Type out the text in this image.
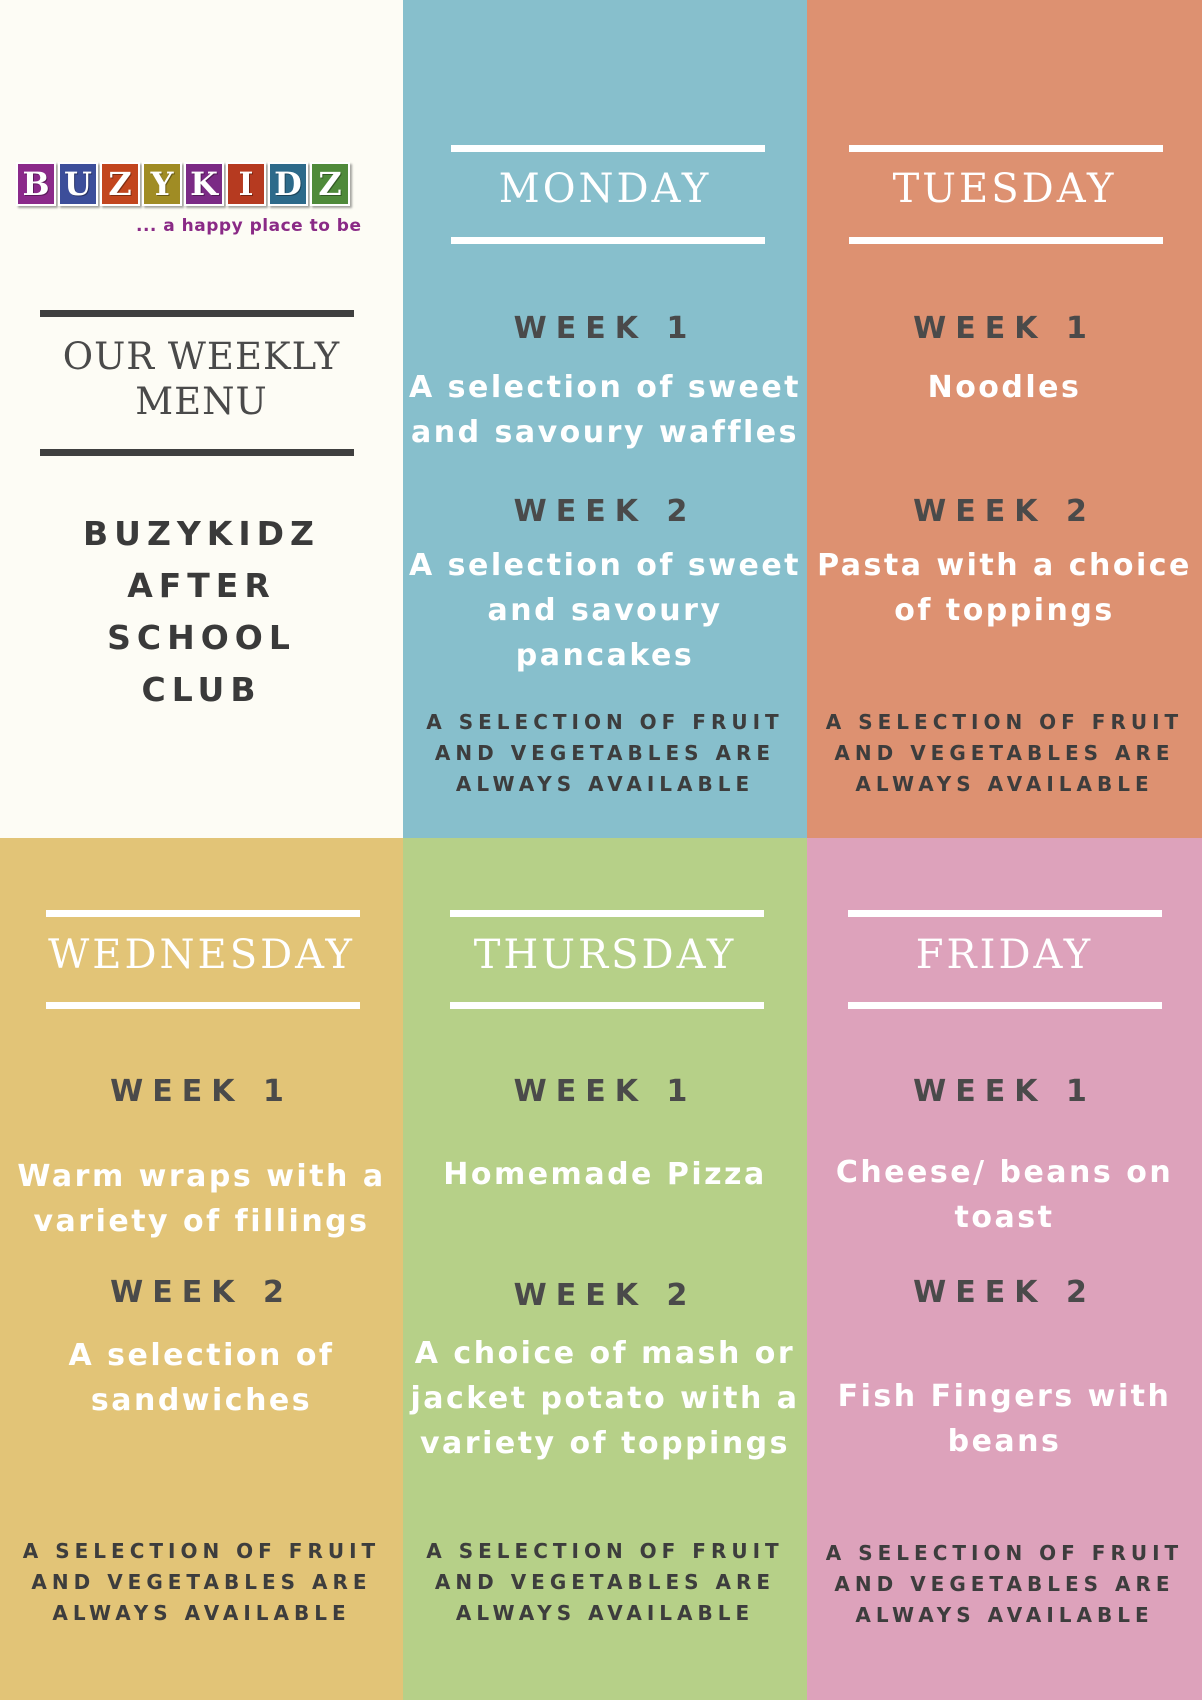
B U Z Y K I D Z
... a happy place to be
OUR WEEKLY
MENU
BUZYKIDZ
AFTER
SCHOOL
CLUB
MONDAY
WEEK 1
A selection of sweet
and savoury waffles
WEEK 2
A selection of sweet
and savoury
pancakes
A SELECTION OF FRUIT
AND VEGETABLES ARE
ALWAYS AVAILABLE
TUESDAY
WEEK 1
Noodles
WEEK 2
Pasta with a choice
of toppings
A SELECTION OF FRUIT
AND VEGETABLES ARE
ALWAYS AVAILABLE
WEDNESDAY
WEEK 1
Warm wraps with a
variety of fillings
WEEK 2
A selection of
sandwiches
A SELECTION OF FRUIT
AND VEGETABLES ARE
ALWAYS AVAILABLE
THURSDAY
WEEK 1
Homemade Pizza
WEEK 2
A choice of mash or
jacket potato with a
variety of toppings
A SELECTION OF FRUIT
AND VEGETABLES ARE
ALWAYS AVAILABLE
FRIDAY
WEEK 1
Cheese/ beans on
toast
WEEK 2
Fish Fingers with
beans
A SELECTION OF FRUIT
AND VEGETABLES ARE
ALWAYS AVAILABLE
